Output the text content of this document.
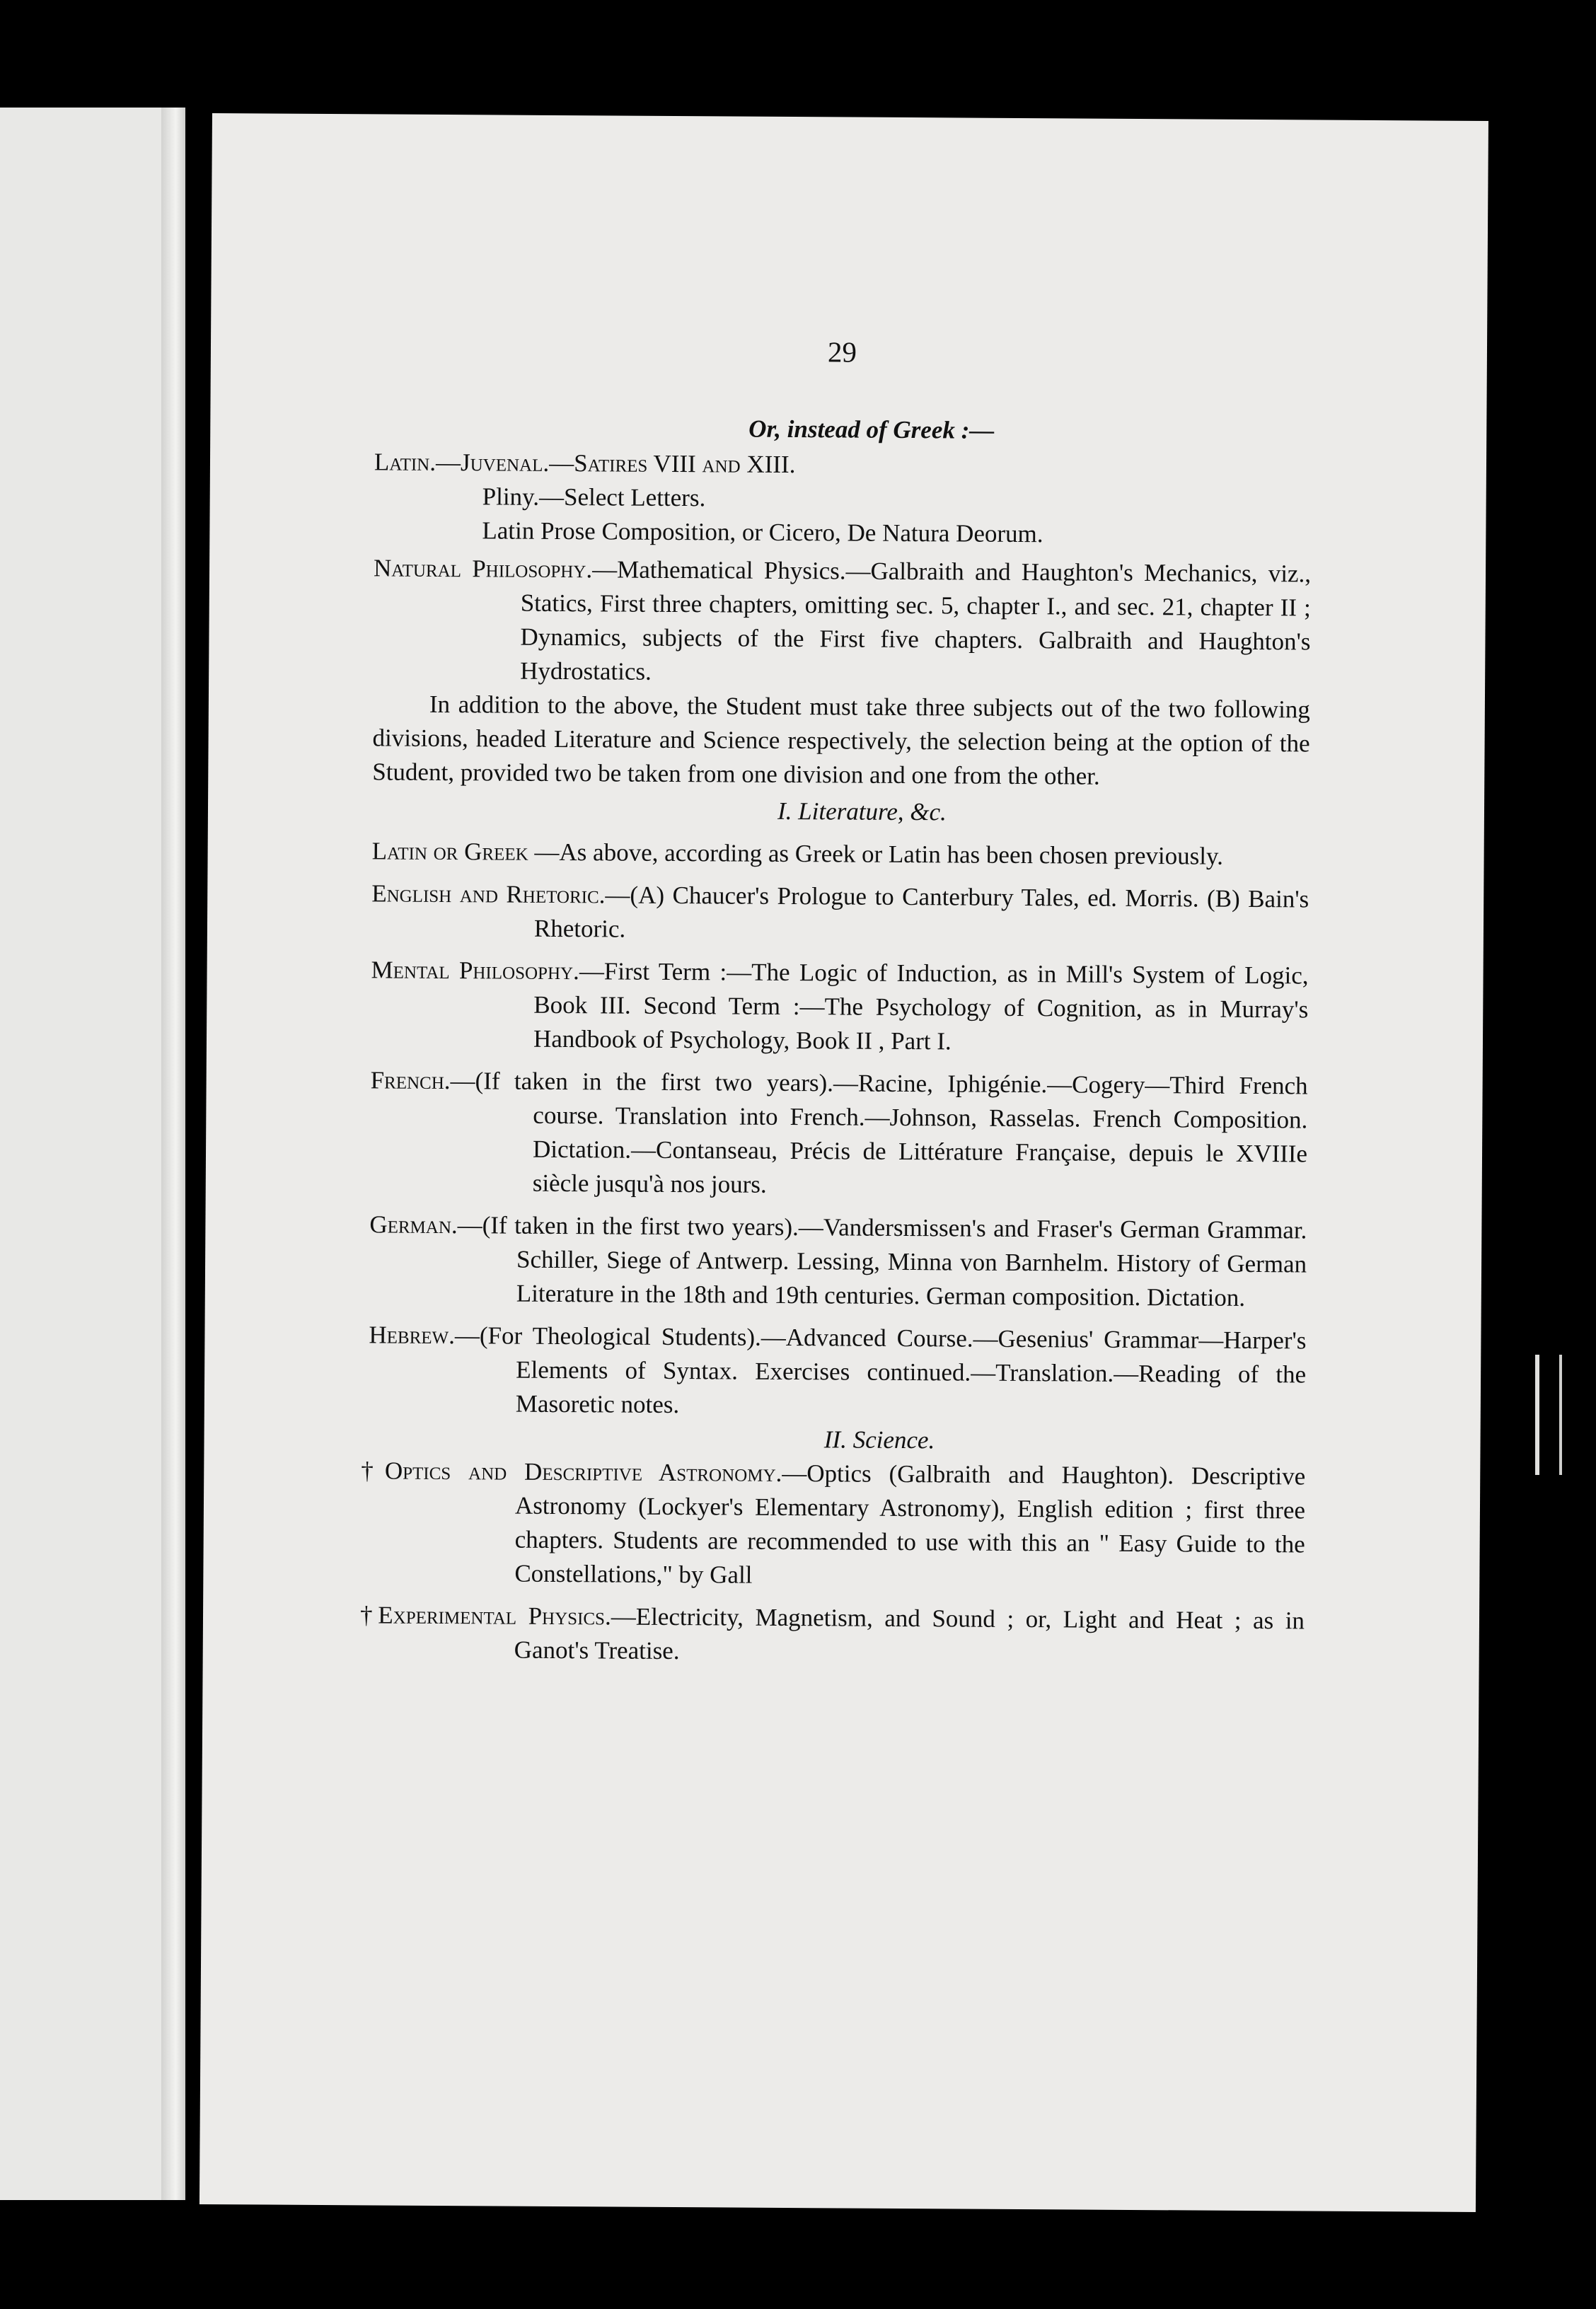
29

Or, instead of Greek :—

Latin.—Juvenal.—Satires VIII and XIII.

Pliny.—Select Letters.

Latin Prose Composition, or Cicero, De Natura Deorum.

Natural Philosophy.—Mathematical Physics.—Galbraith and Haughton's Mechanics, viz., Statics, First three chapters, omitting sec. 5, chapter I., and sec. 21, chapter II ; Dynamics, subjects of the First five chapters. Galbraith and Haughton's Hydrostatics.

In addition to the above, the Student must take three subjects out of the two following divisions, headed Literature and Science respectively, the selection being at the option of the Student, provided two be taken from one division and one from the other.

I. Literature, &c.

Latin or Greek —As above, according as Greek or Latin has been chosen previously.

English and Rhetoric.—(A) Chaucer's Prologue to Canterbury Tales, ed. Morris. (B) Bain's Rhetoric.

Mental Philosophy.—First Term :—The Logic of Induction, as in Mill's System of Logic, Book III. Second Term :—The Psychology of Cognition, as in Murray's Handbook of Psychology, Book II , Part I.

French.—(If taken in the first two years).—Racine, Iphigénie.—Cogery—Third French course. Translation into French.—Johnson, Rasselas. French Composition. Dictation.—Contanseau, Précis de Littérature Française, depuis le XVIIIe siècle jusqu'à nos jours.

German.—(If taken in the first two years).—Vandersmissen's and Fraser's German Grammar. Schiller, Siege of Antwerp. Lessing, Minna von Barnhelm. History of German Literature in the 18th and 19th centuries. German composition. Dictation.

Hebrew.—(For Theological Students).—Advanced Course.—Gesenius' Grammar—Harper's Elements of Syntax. Exercises continued.—Translation.—Reading of the Masoretic notes.

II. Science.

†Optics and Descriptive Astronomy.—Optics (Galbraith and Haughton). Descriptive Astronomy (Lockyer's Elementary Astronomy), English edition ; first three chapters. Students are recommended to use with this an " Easy Guide to the Constellations," by Gall

†Experimental Physics.—Electricity, Magnetism, and Sound ; or, Light and Heat ; as in Ganot's Treatise.
